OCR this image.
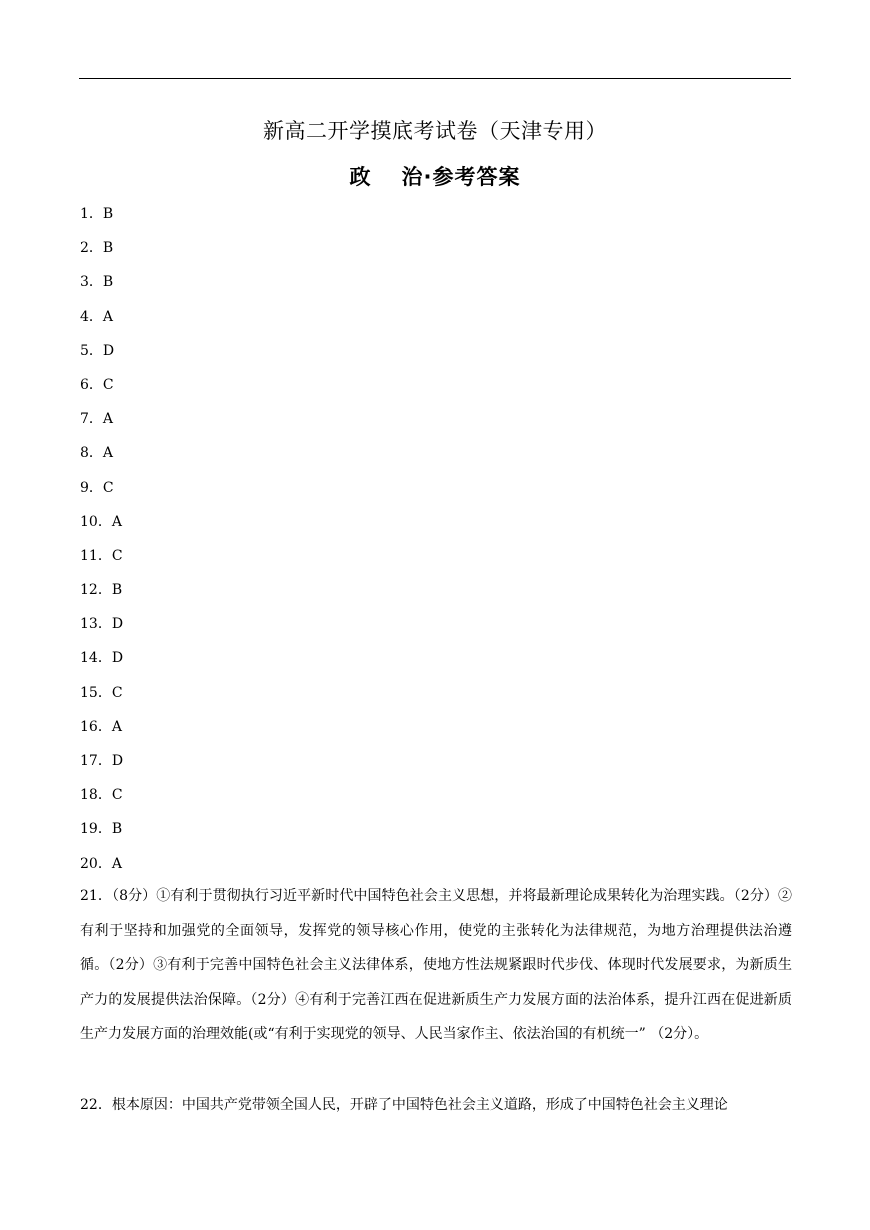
新高二开学摸底考试卷（天津专用）
政 治·参考答案
1．B
2．B
3．B
4．A
5．D
6．C
7．A
8．A
9．C
10．A
11．C
12．B
13．D
14．D
15．C
16．A
17．D
18．C
19．B
20．A

21．（8分）①有利于贯彻执行习近平新时代中国特色社会主义思想，并将最新理论成果转化为治理实践。（2分）②有利于坚持和加强党的全面领导，发挥党的领导核心作用，使党的主张转化为法律规范，为地方治理提供法治遵循。（2分）③有利于完善中国特色社会主义法律体系，使地方性法规紧跟时代步伐、体现时代发展要求，为新质生产力的发展提供法治保障。（2分）④有利于完善江西在促进新质生产力发展方面的法治体系，提升江西在促进新质生产力发展方面的治理效能(或“有利于实现党的领导、人民当家作主、依法治国的有机统一” （2分）。

22．根本原因：中国共产党带领全国人民，开辟了中国特色社会主义道路，形成了中国特色社会主义理论
